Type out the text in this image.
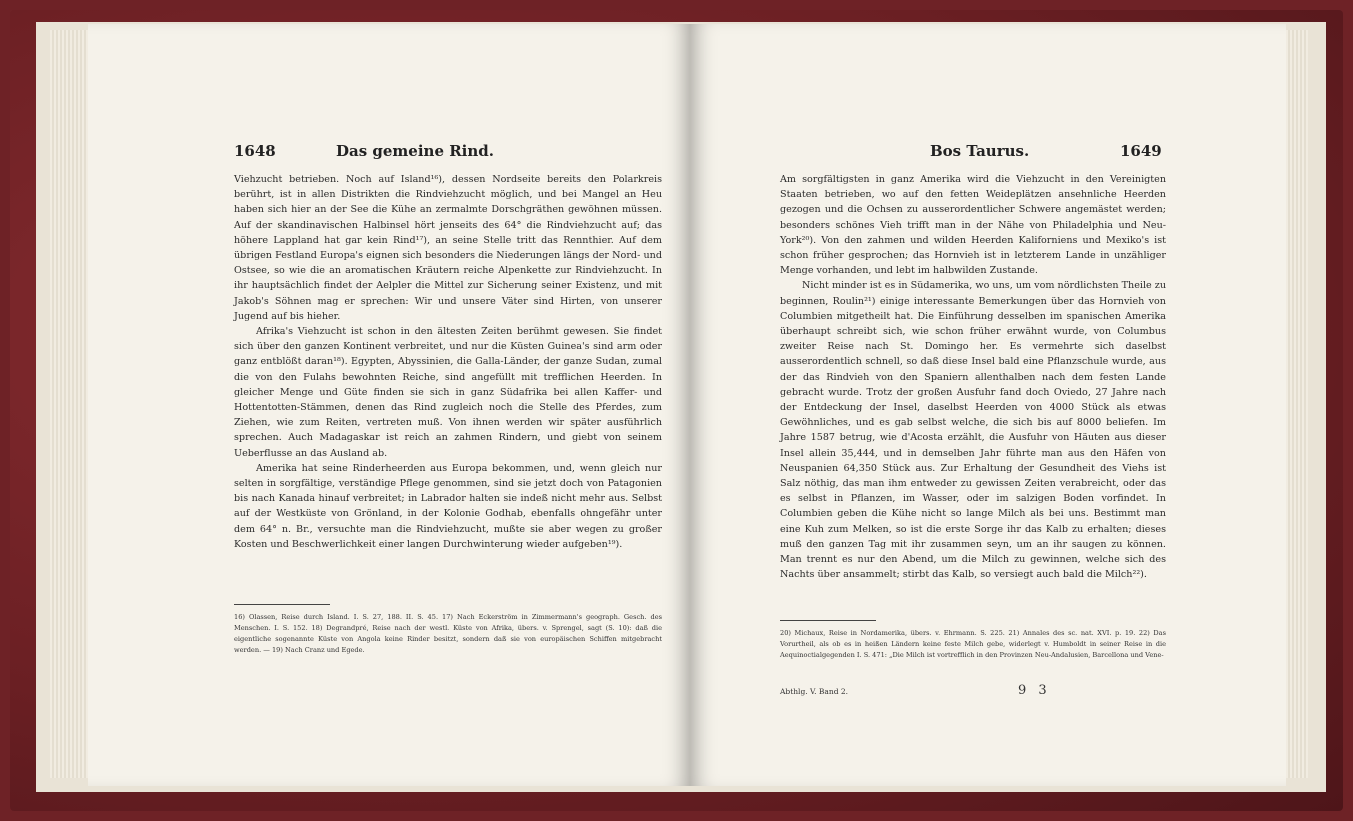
1648	Das gemeine Rind.

Viehzucht betrieben. Noch auf Island¹⁶), dessen Nordseite bereits den Polarkreis berührt, ist in allen Distrikten die Rindviehzucht möglich, und bei Mangel an Heu haben sich hier an der See die Kühe an zermalmte Dorschgräthen gewöhnen müssen. Auf der skandinavischen Halbinsel hört jenseits des 64° die Rindviehzucht auf; das höhere Lappland hat gar kein Rind¹⁷), an seine Stelle tritt das Rennthier. Auf dem übrigen Festland Europa's eignen sich besonders die Niederungen längs der Nord- und Ostsee, so wie die an aromatischen Kräutern reiche Alpenkette zur Rindviehzucht. In ihr hauptsächlich findet der Aelpler die Mittel zur Sicherung seiner Existenz, und mit Jakob's Söhnen mag er sprechen: Wir und unsere Väter sind Hirten, von unserer Jugend auf bis hieher.

Afrika's Viehzucht ist schon in den ältesten Zeiten berühmt gewesen. Sie findet sich über den ganzen Kontinent verbreitet, und nur die Küsten Guinea's sind arm oder ganz entblößt daran¹⁸). Egypten, Abyssinien, die Galla-Länder, der ganze Sudan, zumal die von den Fulahs bewohnten Reiche, sind angefüllt mit trefflichen Heerden. In gleicher Menge und Güte finden sie sich in ganz Südafrika bei allen Kaffer- und Hottentotten-Stämmen, denen das Rind zugleich noch die Stelle des Pferdes, zum Ziehen, wie zum Reiten, vertreten muß. Von ihnen werden wir später ausführlich sprechen. Auch Madagaskar ist reich an zahmen Rindern, und giebt von seinem Ueberflusse an das Ausland ab.

Amerika hat seine Rinderheerden aus Europa bekommen, und, wenn gleich nur selten in sorgfältige, verständige Pflege genommen, sind sie jetzt doch von Patagonien bis nach Kanada hinauf verbreitet; in Labrador halten sie indeß nicht mehr aus. Selbst auf der Westküste von Grönland, in der Kolonie Godhab, ebenfalls ohngefähr unter dem 64° n. Br., versuchte man die Rindviehzucht, mußte sie aber wegen zu großer Kosten und Beschwerlichkeit einer langen Durchwinterung wieder aufgeben¹⁹).

16) Olassen, Reise durch Island. I. S. 27, 188. II. S. 45. 17) Nach Eckerström in Zimmermann's geograph. Gesch. des Menschen. I. S. 152. 18) Degrandpré, Reise nach der westl. Küste von Afrika, übers. v. Sprengel, sagt (S. 10): daß die eigentliche sogenannte Küste von Angola keine Rinder besitzt, sondern daß sie von europäischen Schiffen mitgebracht werden. — 19) Nach Cranz und Egede.
Bos Taurus.	1649

Am sorgfältigsten in ganz Amerika wird die Viehzucht in den Vereinigten Staaten betrieben, wo auf den fetten Weideplätzen ansehnliche Heerden gezogen und die Ochsen zu ausserordentlicher Schwere angemästet werden; besonders schönes Vieh trifft man in der Nähe von Philadelphia und Neu-York²⁰). Von den zahmen und wilden Heerden Kaliforniens und Mexiko's ist schon früher gesprochen; das Hornvieh ist in letzterem Lande in unzähliger Menge vorhanden, und lebt im halbwilden Zustande.

Nicht minder ist es in Südamerika, wo uns, um vom nördlichsten Theile zu beginnen, Roulin²¹) einige interessante Bemerkungen über das Hornvieh von Columbien mitgetheilt hat. Die Einführung desselben im spanischen Amerika überhaupt schreibt sich, wie schon früher erwähnt wurde, von Columbus zweiter Reise nach St. Domingo her. Es vermehrte sich daselbst ausserordentlich schnell, so daß diese Insel bald eine Pflanzschule wurde, aus der das Rindvieh von den Spaniern allenthalben nach dem festen Lande gebracht wurde. Trotz der großen Ausfuhr fand doch Oviedo, 27 Jahre nach der Entdeckung der Insel, daselbst Heerden von 4000 Stück als etwas Gewöhnliches, und es gab selbst welche, die sich bis auf 8000 beliefen. Im Jahre 1587 betrug, wie d'Acosta erzählt, die Ausfuhr von Häuten aus dieser Insel allein 35,444, und in demselben Jahr führte man aus den Häfen von Neuspanien 64,350 Stück aus. Zur Erhaltung der Gesundheit des Viehs ist Salz nöthig, das man ihm entweder zu gewissen Zeiten verabreicht, oder das es selbst in Pflanzen, im Wasser, oder im salzigen Boden vorfindet. In Columbien geben die Kühe nicht so lange Milch als bei uns. Bestimmt man eine Kuh zum Melken, so ist die erste Sorge ihr das Kalb zu erhalten; dieses muß den ganzen Tag mit ihr zusammen seyn, um an ihr saugen zu können. Man trennt es nur den Abend, um die Milch zu gewinnen, welche sich des Nachts über ansammelt; stirbt das Kalb, so versiegt auch bald die Milch²²).

20) Michaux, Reise in Nordamerika, übers. v. Ehrmann. S. 225. 21) Annales des sc. nat. XVI. p. 19. 22) Das Vorurtheil, als ob es in heißen Ländern keine feste Milch gebe, widerlegt v. Humboldt in seiner Reise in die Aequinoctialgegenden I. S. 471: „Die Milch ist vortrefflich in den Provinzen Neu-Andalusien, Barcellona und Vene-
Abthlg. V. Band 2.	9 3
